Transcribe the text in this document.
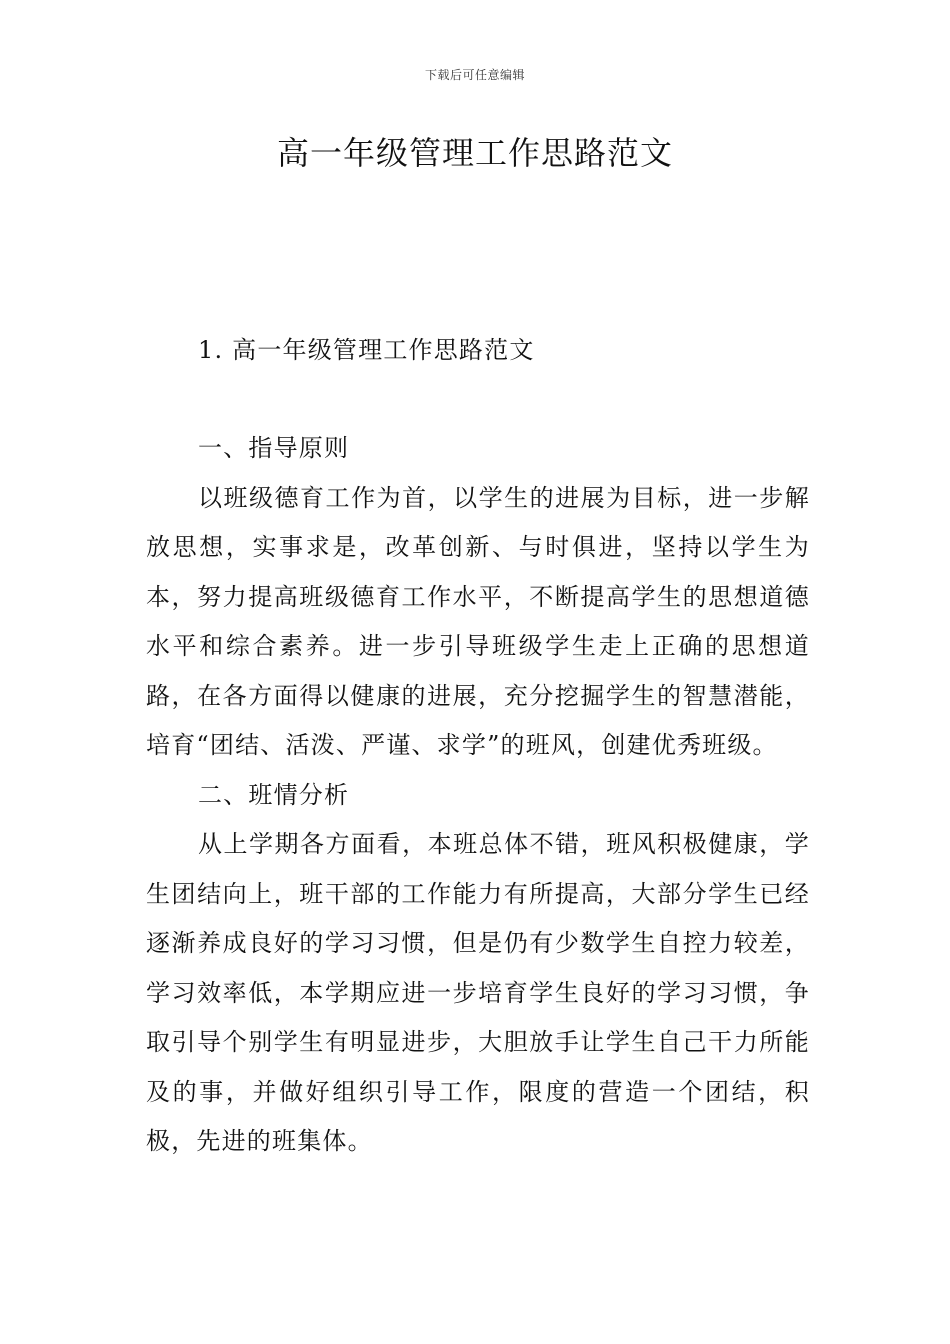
下载后可任意编辑
高一年级管理工作思路范文

1. 高一年级管理工作思路范文

一、指导原则

以班级德育工作为首，以学生的进展为目标，进一步解放思想，实事求是，改革创新、与时俱进，坚持以学生为本，努力提高班级德育工作水平，不断提高学生的思想道德水平和综合素养。进一步引导班级学生走上正确的思想道路，在各方面得以健康的进展，充分挖掘学生的智慧潜能，培育“团结、活泼、严谨、求学”的班风，创建优秀班级。

二、班情分析

从上学期各方面看，本班总体不错，班风积极健康，学生团结向上，班干部的工作能力有所提高，大部分学生已经逐渐养成良好的学习习惯，但是仍有少数学生自控力较差，学习效率低，本学期应进一步培育学生良好的学习习惯，争取引导个别学生有明显进步，大胆放手让学生自己干力所能及的事，并做好组织引导工作，限度的营造一个团结，积极，先进的班集体。
